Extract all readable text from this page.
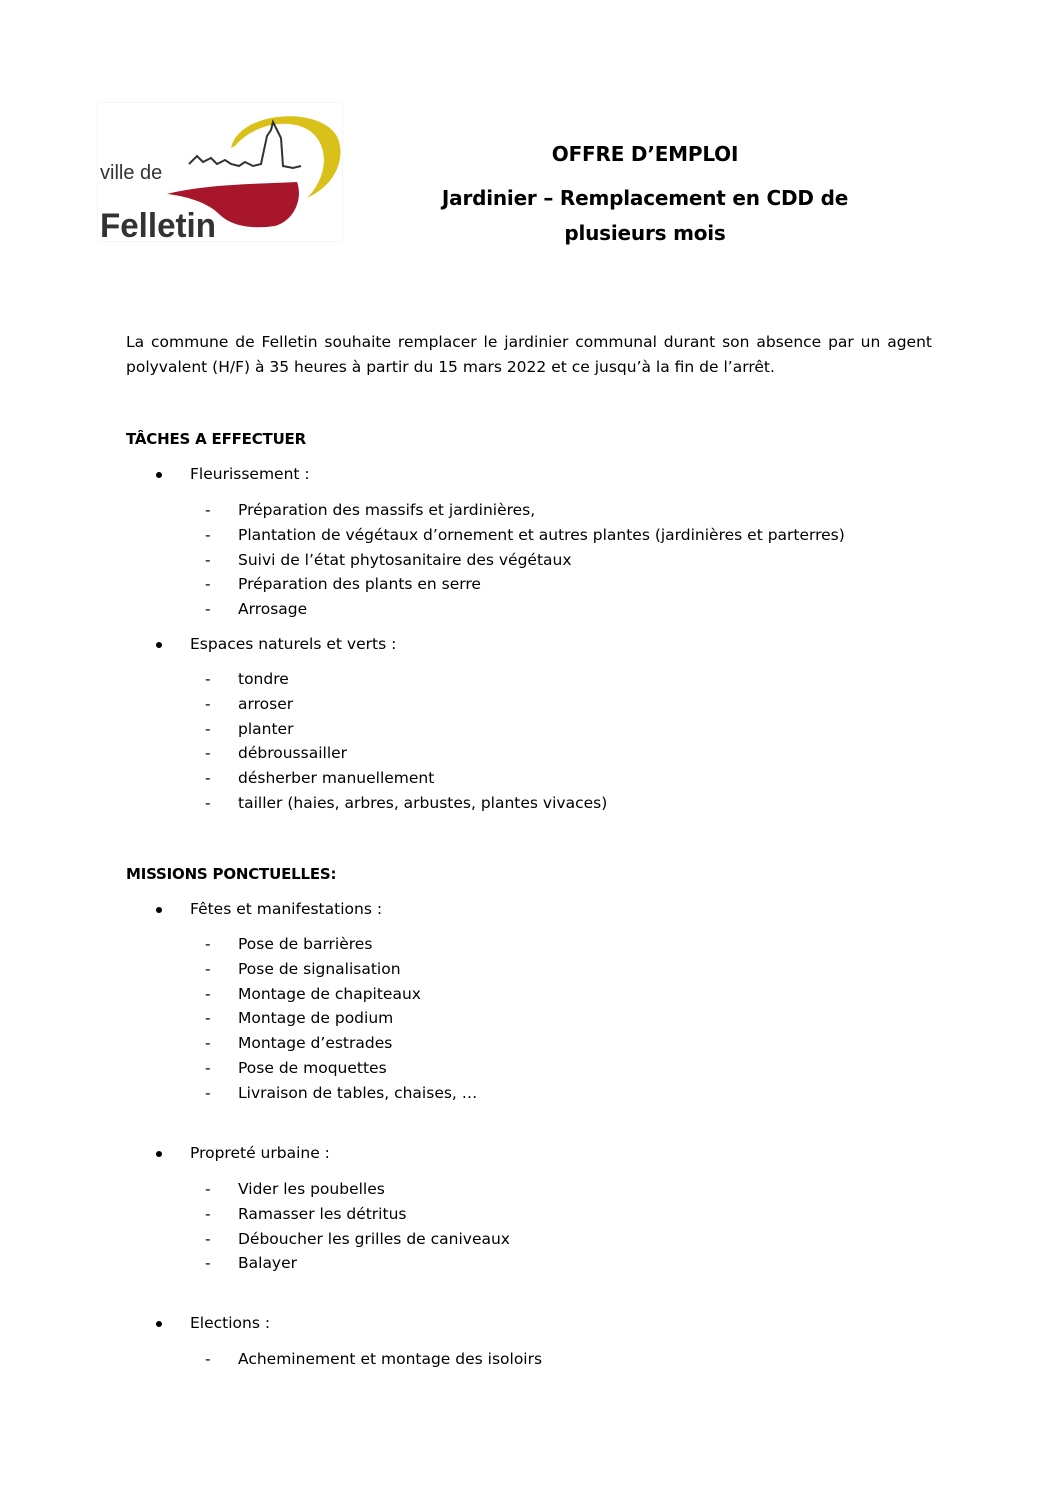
ville de
Felletin
OFFRE D’EMPLOI
Jardinier – Remplacement en CDD de
plusieurs mois

La commune de Felletin souhaite remplacer le jardinier communal durant son absence par un agent polyvalent (H/F) à 35 heures à partir du 15 mars 2022 et ce jusqu’à la fin de l’arrêt.

TÂCHES A EFFECTUER
Fleurissement :
- Préparation des massifs et jardinières,
- Plantation de végétaux d’ornement et autres plantes (jardinières et parterres)
- Suivi de l’état phytosanitaire des végétaux
- Préparation des plants en serre
- Arrosage
Espaces naturels et verts :
- tondre
- arroser
- planter
- débroussailler
- désherber manuellement
- tailler (haies, arbres, arbustes, plantes vivaces)
MISSIONS PONCTUELLES:
Fêtes et manifestations :
- Pose de barrières
- Pose de signalisation
- Montage de chapiteaux
- Montage de podium
- Montage d’estrades
- Pose de moquettes
- Livraison de tables, chaises, …
Propreté urbaine :
- Vider les poubelles
- Ramasser les détritus
- Déboucher les grilles de caniveaux
- Balayer
Elections :
- Acheminement et montage des isoloirs
